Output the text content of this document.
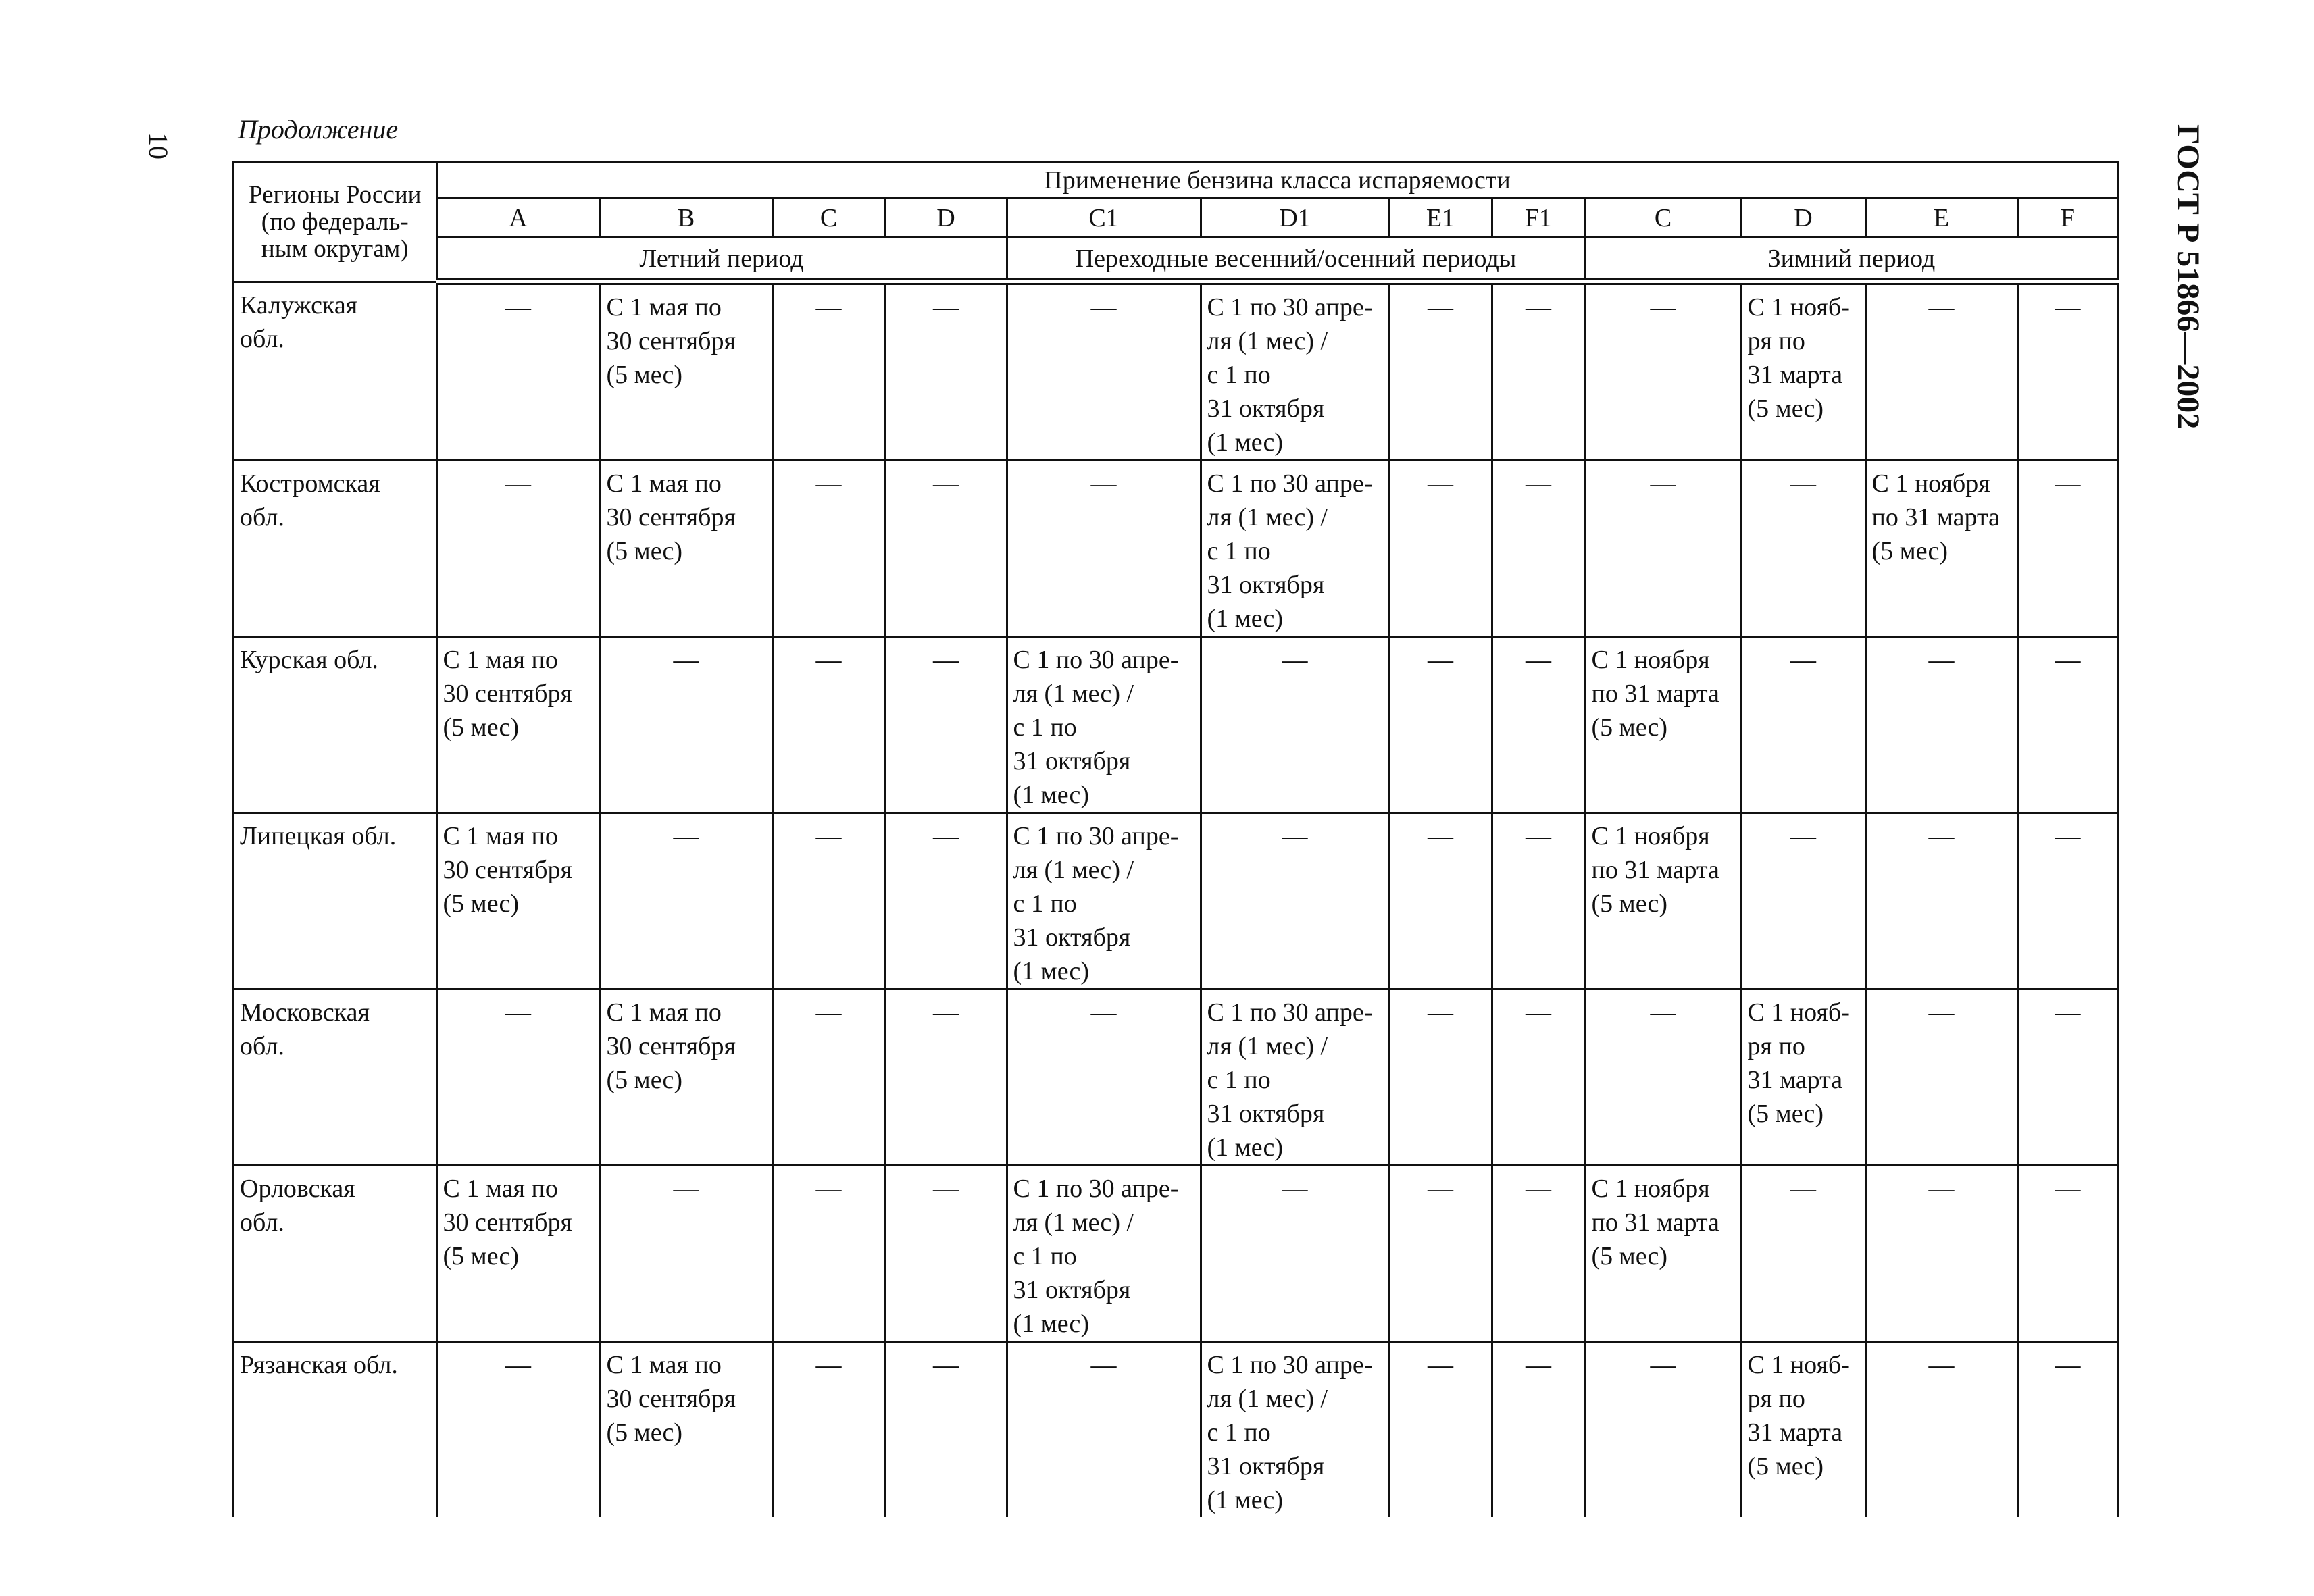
10
Продолжение	ГОСТ Р 51866—2002
Регионы России
(по федераль-
ным округам)	Применение бензина класса испаряемости											
	A	B	C	D	C1	D1	E1	F1	C	D	E	F
	Летний период				Переходные весенний/осенний периоды				Зимний период			
Калужская
обл.	—	С 1 мая по
30 сентября
(5 мес)	—	—	—	С 1 по 30 апре-
ля (1 мес) /
с 1 по
31 октября
(1 мес)	—	—	—	С 1 нояб-
ря по
31 марта
(5 мес)	—	—
Костромская
обл.	—	С 1 мая по
30 сентября
(5 мес)	—	—	—	С 1 по 30 апре-
ля (1 мес) /
с 1 по
31 октября
(1 мес)	—	—	—	—	С 1 ноября
по 31 марта
(5 мес)	—
Курская обл.	С 1 мая по
30 сентября
(5 мес)	—	—	—	С 1 по 30 апре-
ля (1 мес) /
с 1 по
31 октября
(1 мес)	—	—	—	С 1 ноября
по 31 марта
(5 мес)	—	—	—
Липецкая обл.	С 1 мая по
30 сентября
(5 мес)	—	—	—	С 1 по 30 апре-
ля (1 мес) /
с 1 по
31 октября
(1 мес)	—	—	—	С 1 ноября
по 31 марта
(5 мес)	—	—	—
Московская
обл.	—	С 1 мая по
30 сентября
(5 мес)	—	—	—	С 1 по 30 апре-
ля (1 мес) /
с 1 по
31 октября
(1 мес)	—	—	—	С 1 нояб-
ря по
31 марта
(5 мес)	—	—
Орловская
обл.	С 1 мая по
30 сентября
(5 мес)	—	—	—	С 1 по 30 апре-
ля (1 мес) /
с 1 по
31 октября
(1 мес)	—	—	—	С 1 ноября
по 31 марта
(5 мес)	—	—	—
Рязанская обл.	—	С 1 мая по
30 сентября
(5 мес)	—	—	—	С 1 по 30 апре-
ля (1 мес) /
с 1 по
31 октября
(1 мес)	—	—	—	С 1 нояб-
ря по
31 марта
(5 мес)	—	—
